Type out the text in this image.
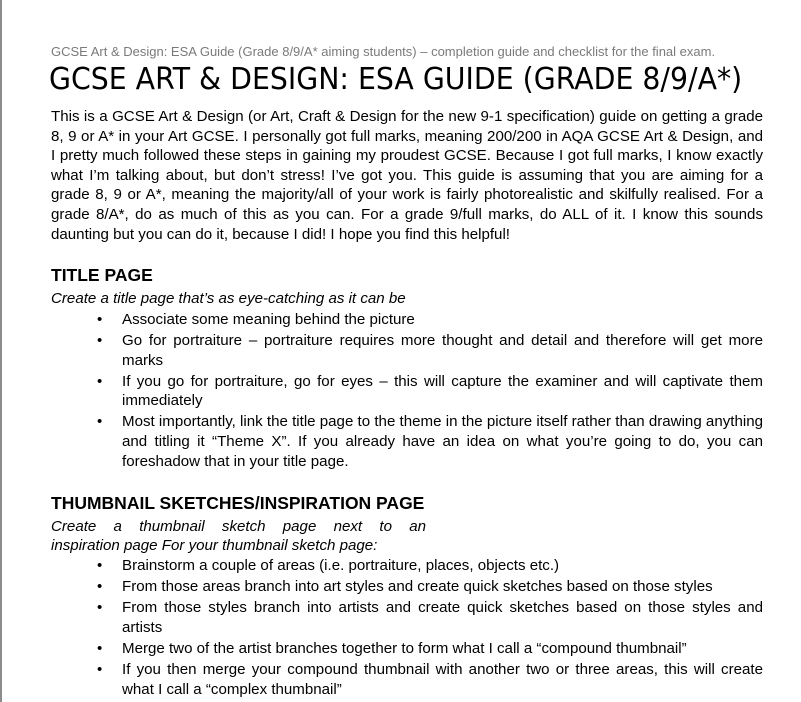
GCSE Art & Design: ESA Guide (Grade 8/9/A* aiming students) – completion guide and checklist for the final exam.
GCSE ART & DESIGN: ESA GUIDE (GRADE 8/9/A*)

This is a GCSE Art & Design (or Art, Craft & Design for the new 9-1 specification) guide on getting a grade 8, 9 or A* in your Art GCSE. I personally got full marks, meaning 200/200 in AQA GCSE Art & Design, and I pretty much followed these steps in gaining my proudest GCSE. Because I got full marks, I know exactly what I’m talking about, but don’t stress! I’ve got you. This guide is assuming that you are aiming for a grade 8, 9 or A*, meaning the majority/all of your work is fairly photorealistic and skilfully realised. For a grade 8/A*, do as much of this as you can. For a grade 9/full marks, do ALL of it. I know this sounds daunting but you can do it, because I did! I hope you find this helpful!

TITLE PAGE

Create a title page that’s as eye-catching as it can be

•	Associate some meaning behind the picture
•	Go for portraiture – portraiture requires more thought and detail and therefore will get more marks
•	If you go for portraiture, go for eyes – this will capture the examiner and will captivate them immediately
•	Most importantly, link the title page to the theme in the picture itself rather than drawing anything and titling it “Theme X”. If you already have an idea on what you’re going to do, you can foreshadow that in your title page.
THUMBNAIL SKETCHES/INSPIRATION PAGE

Create a thumbnail sketch page next to an

inspiration page For your thumbnail sketch page:

•	Brainstorm a couple of areas (i.e. portraiture, places, objects etc.)
•	From those areas branch into art styles and create quick sketches based on those styles
•	From those styles branch into artists and create quick sketches based on those styles and artists
•	Merge two of the artist branches together to form what I call a “compound thumbnail”
•	If you then merge your compound thumbnail with another two or three areas, this will create what I call a “complex thumbnail”
